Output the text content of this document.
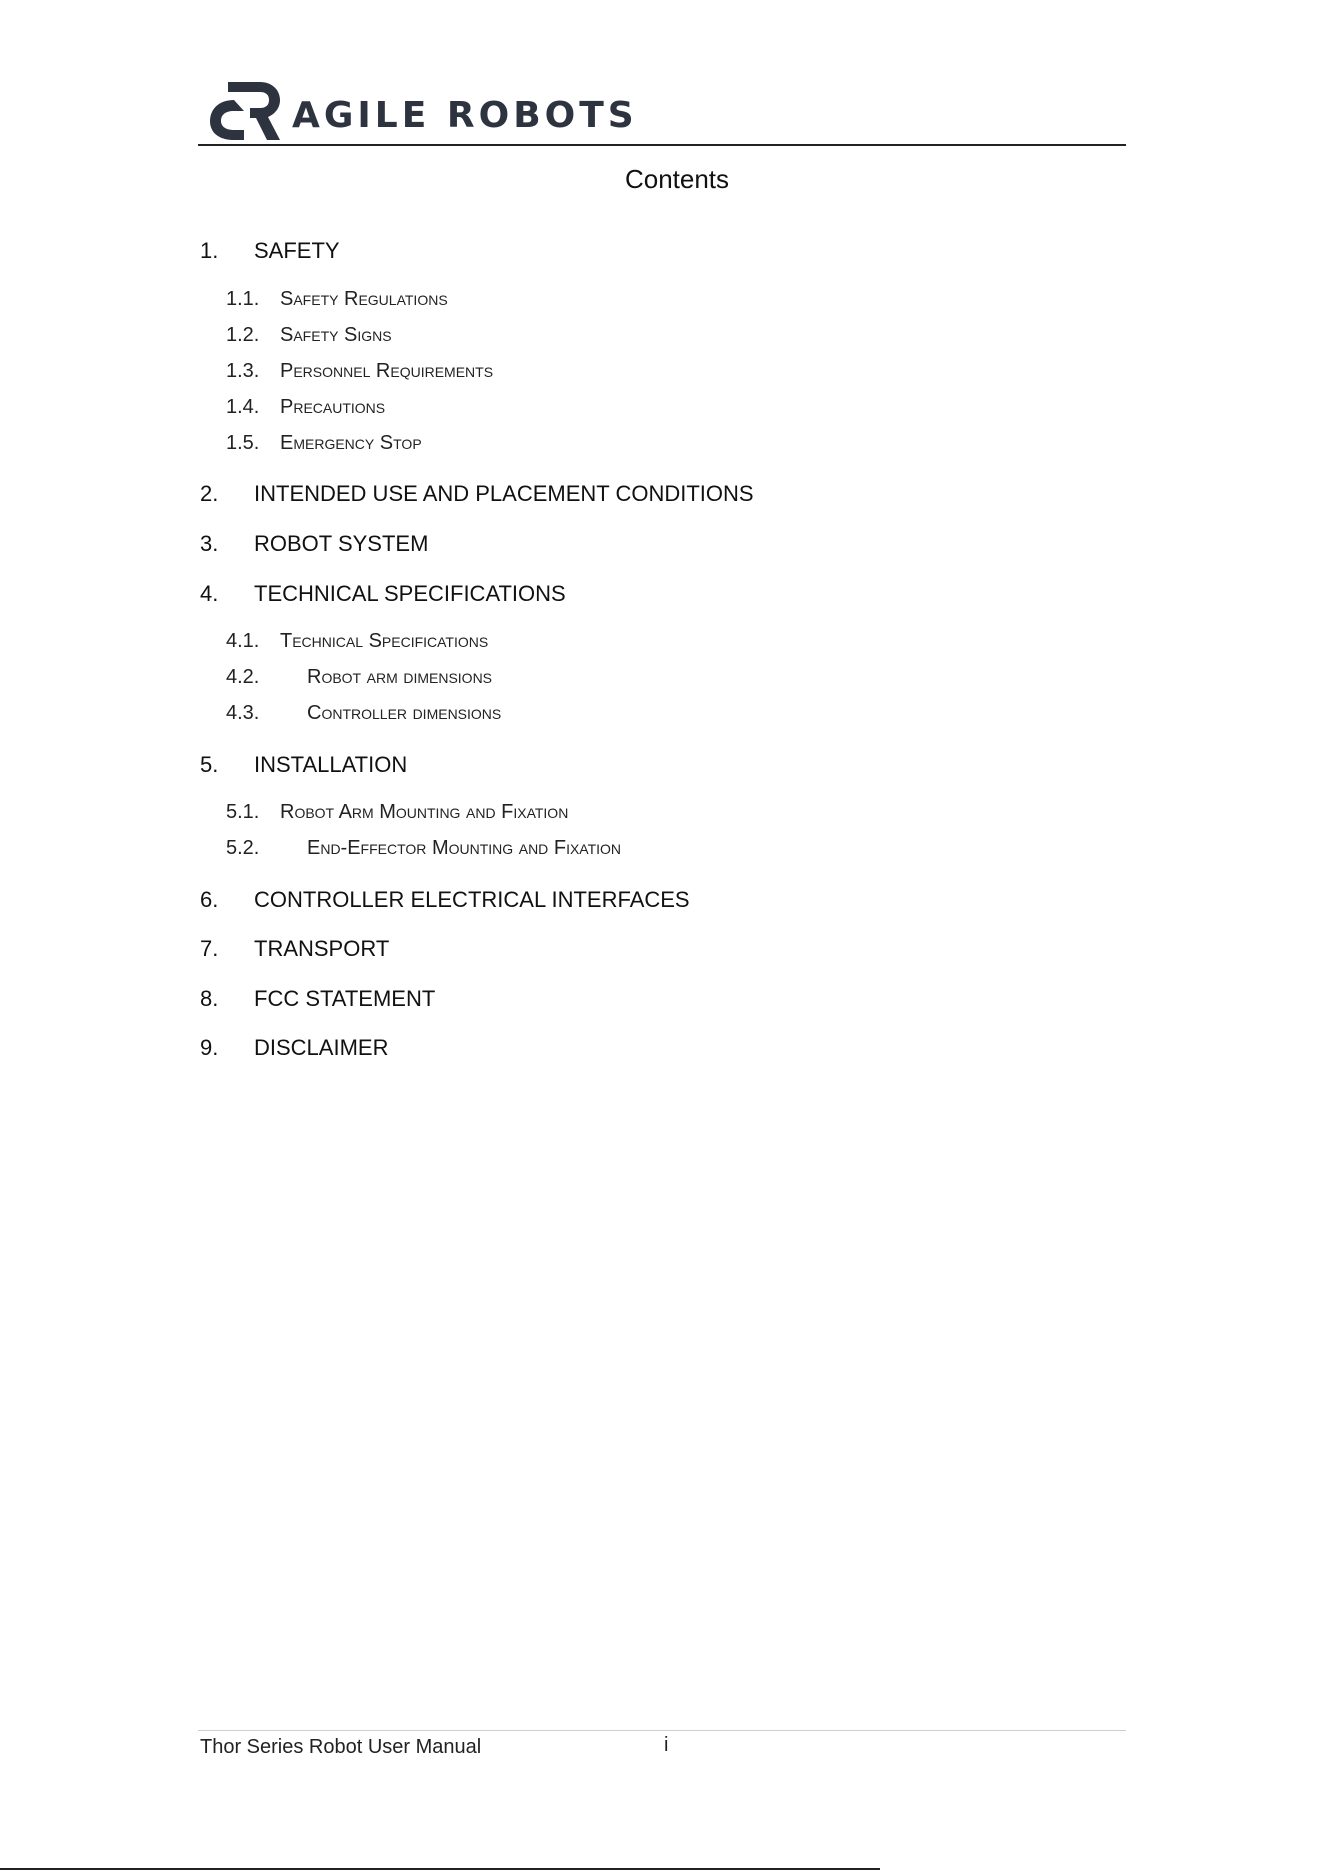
AGILE ROBOTS
Contents
1. SAFETY
1.1. Safety Regulations
1.2. Safety Signs
1.3. Personnel Requirements
1.4. Precautions
1.5. Emergency Stop
2. INTENDED USE AND PLACEMENT CONDITIONS
3. ROBOT SYSTEM
4. TECHNICAL SPECIFICATIONS
4.1. Technical Specifications
4.2. Robot arm dimensions
4.3. Controller dimensions
5. INSTALLATION
5.1. Robot Arm Mounting and Fixation
5.2. End-Effector Mounting and Fixation
6. CONTROLLER ELECTRICAL INTERFACES
7. TRANSPORT
8. FCC STATEMENT
9. DISCLAIMER
Thor Series Robot User Manual	i
